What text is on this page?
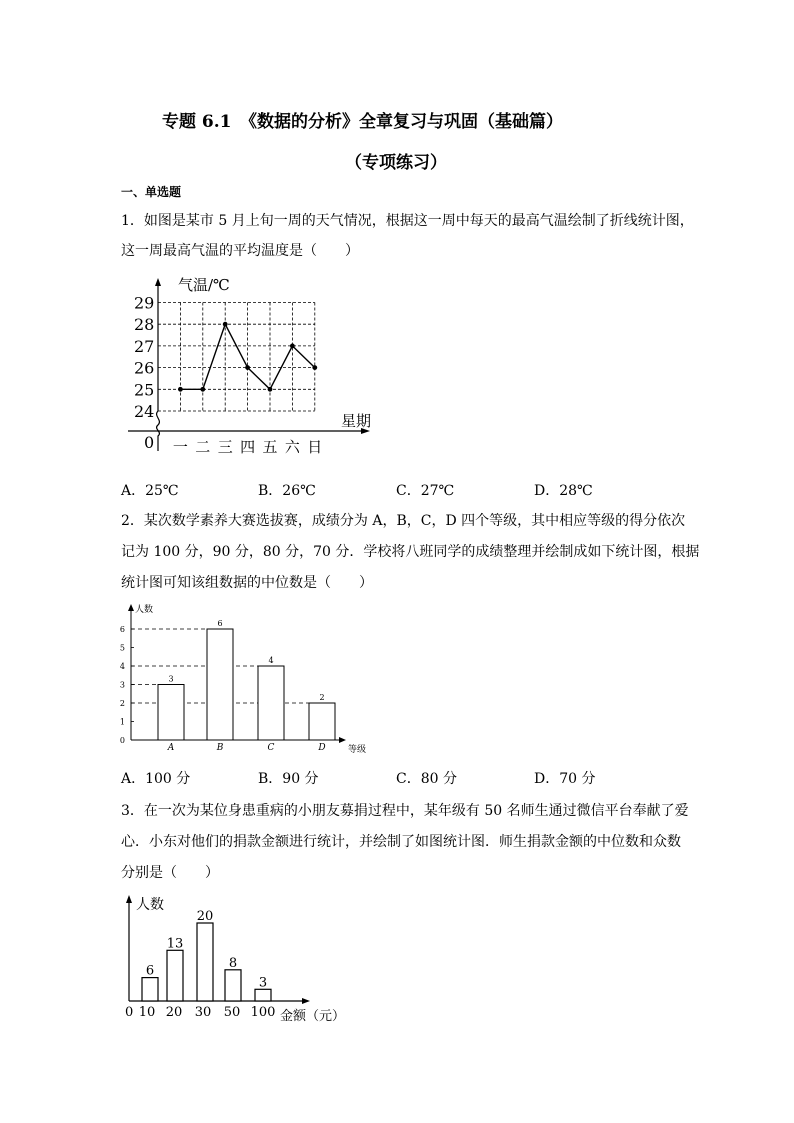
专题 6.1　《数据的分析》全章复习与巩固（基础篇）
（专项练习）
一、单选题
1．如图是某市 5 月上旬一周的天气情况，根据这一周中每天的最高气温绘制了折线统计图，
这一周最高气温的平均温度是（　　）
气温/℃
星期
0
24
25
26
27
28
29
一 二 三 四 五 六 日
A．25℃	B．26℃	C．27℃	D．28℃
2．某次数学素养大赛选拔赛，成绩分为 A，B，C，D 四个等级，其中相应等级的得分依次
记为 100 分，90 分，80 分，70 分．学校将八班同学的成绩整理并绘制成如下统计图，根据
统计图可知该组数据的中位数是（　　）
人数
等级
0
1
2
3
4
5
6
3
A
6
B
4
C
2
D
A．100 分	B．90 分	C．80 分	D．70 分
3．在一次为某位身患重病的小朋友募捐过程中，某年级有 50 名师生通过微信平台奉献了爱
心．小东对他们的捐款金额进行统计，并绘制了如图统计图．师生捐款金额的中位数和众数
分别是（　　）
人数
金额（元）
0
6
10
13
20
20
30
8
50
3
100
